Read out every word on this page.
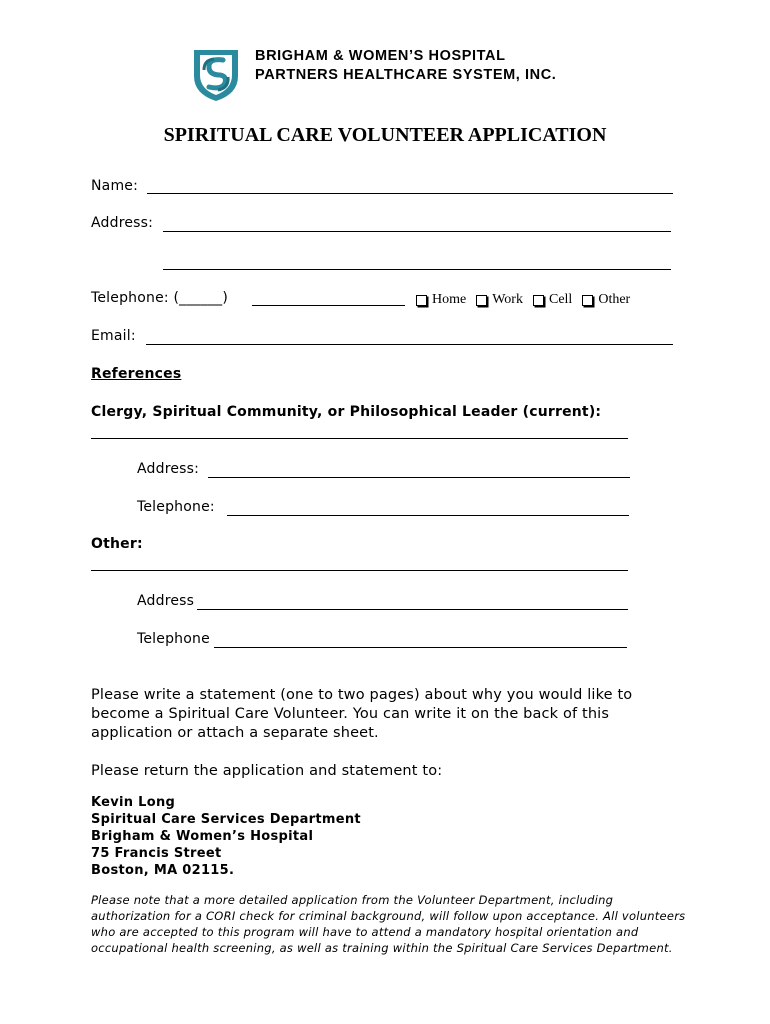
BRIGHAM & WOMEN’S HOSPITAL
PARTNERS HEALTHCARE SYSTEM, INC.
SPIRITUAL CARE VOLUNTEER APPLICATION
Name:
Address:
Telephone: (______)	Home Work Cell Other
Email:
References
Clergy, Spiritual Community, or Philosophical Leader (current):
Address:
Telephone:
Other:
Address
Telephone
Please write a statement (one to two pages) about why you would like to become a Spiritual Care Volunteer. You can write it on the back of this application or attach a separate sheet.
Please return the application and statement to:
Kevin Long
Spiritual Care Services Department
Brigham & Women’s Hospital
75 Francis Street
Boston, MA 02115.
Please note that a more detailed application from the Volunteer Department, including authorization for a CORI check for criminal background, will follow upon acceptance. All volunteers who are accepted to this program will have to attend a mandatory hospital orientation and occupational health screening, as well as training within the Spiritual Care Services Department.
